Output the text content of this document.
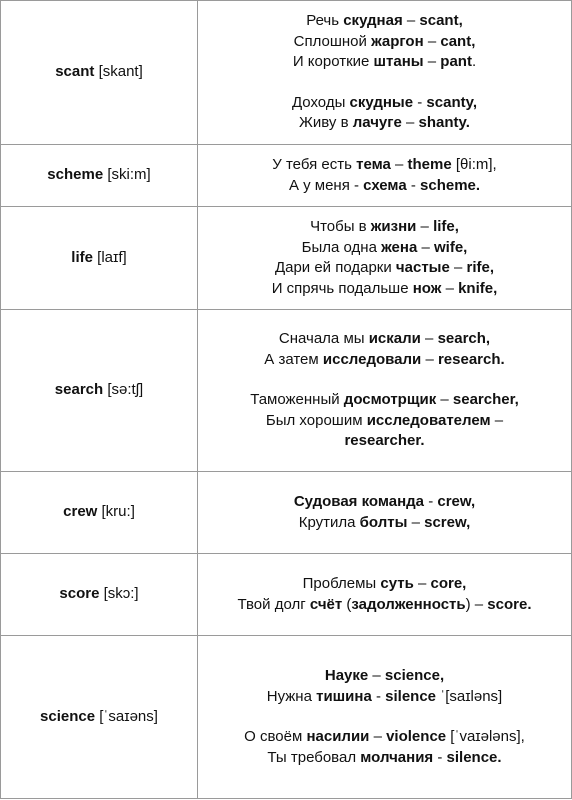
scant [skant]	Речь скудная – scant,
Сплошной жаргон – cant,
И короткие штаны – pant.
Доходы скудные - scanty,
Живу в лачуге – shanty.

scheme [ski:m]	У тебя есть тема – theme [θi:m],
А у меня - схема - scheme.

life [laɪf]	Чтобы в жизни – life,
Была одна жена – wife,
Дари ей подарки частые – rife,
И спрячь подальше нож – knife,

search [sə:tʃ]	Сначала мы искали – search,
А затем исследовали – research.
Таможенный досмотрщик – searcher,
Был хорошим исследователем –
researcher.

crew [kru:]	Судовая команда - crew,
Крутила болты – screw,

score [skɔ:]	Проблемы суть – core,
Твой долг счёт (задолженность) – score.

science [ˈsaɪəns]	Науке – science,
Нужна тишина - silence ˈ[saɪləns]
О своём насилии – violence [ˈvaɪələns],
Ты требовал молчания - silence.
